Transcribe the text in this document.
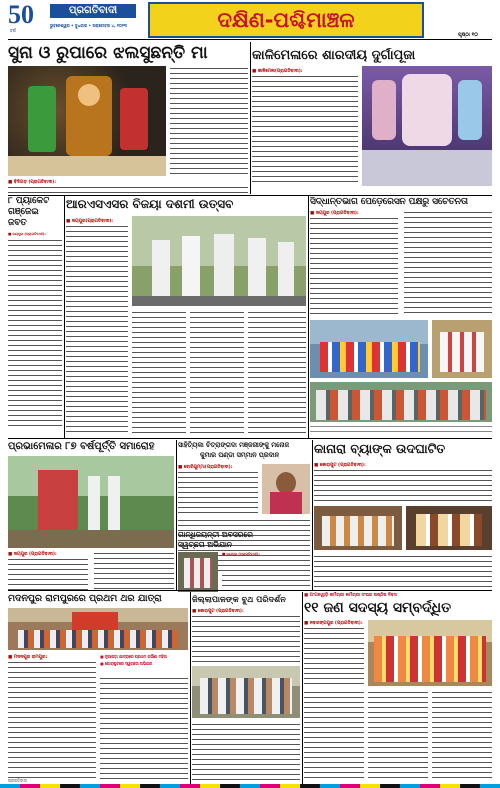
50
ବର୍ଷ
ପ୍ରଗତିବାଦୀ
ଭୁବନେଶ୍ୱର • ବୁଧବାର • ଅକ୍ଟୋବର ୪, ୨୦୨୩	ଦକ୍ଷିଣ-ପଶ୍ଚିମାଞ୍ଚଳ
ପୃଷ୍ଠା ୧୦
ସୁନା ଓ ରୁପାରେ ଝଲସୁଛନ୍ତି ମା
■ ବିଦିଗଡ଼ (ପ୍ରାଗତିବାଦୀ):
କାଳିମେଳାରେ ଶାରଦୀୟ ଦୁର୍ଗାପୂଜା
■ କାଳିମେଳା(ପ୍ରାଗତିବାଦୀ):
୮ ପ୍ୟାକେଟ
ଗଞ୍ଜେଇ
ଜବତ
■ ଜୟପୁର (ପ୍ରାଗତିବାଦୀ):
ଆରଏସଏସର ବିଜୟା ଦଶମୀ ଉତ୍ସବ
■ ଜୟପୁର(ପ୍ରାଗତିବାଦୀ):
ସିଦ୍ଧାନ୍ତଭାଗ ପେଡ଼େରେସନ ପକ୍ଷରୁ ସଚେତନତା
■ ଜୟପୁର (ପ୍ରାଗତିବାଦୀ):
ପ୍ରଭାମେଳାର ୮୭ ବର୍ଷପୂର୍ତ୍ତି ସମାରୋହ
■ ଜୟପୁର (ପ୍ରାଗତିବାଦୀ):
ସାହିତ୍ୟିକା ଚିତ୍ରାଙ୍ଗଦା ମଞ୍ଜରୀଙ୍କୁ ମନୋଜ
କୁମାର ପଣ୍ଡା ସମ୍ମାନ ପ୍ରଦାନ
■ ବୋରିଗୁମ୍ମା(ପ୍ରାଗତିବାଦୀ):
ଗାନ୍ଧିଜୟନ୍ତୀ ଅବସରରେ
ସ୍ୱଚ୍ଛତା ଅଭିଯାନ
■ ଜୟପୁର (ପ୍ରାଗତିବାଦୀ):
କାନାରା ବ୍ୟାଙ୍କ ଉଦଘାଟିତ
■ କୋରାପୁଟ (ପ୍ରାଗତିବାଦୀ):
ମଦନପୁର ରାମପୁରରେ ପ୍ରଥମ ଥର ଯାତ୍ରା
■ ମଦନପୁର ରାମପୁର:	■ ନୂଆପଡ଼ା ଯାତ୍ରାରେ ପ୍ରଥମ ଗର୍ଭିଣୀ ମହିଳା
■ କୋରାପୁଟରେ ସ୍ୱଚ୍ଛତା ଅଭିଯାନ
ଜିଲ୍ଲାପାଳଙ୍କ ବୁଥ ପରିଦର୍ଶନ
■ କୋରାପୁଟ (ପ୍ରାଗତିବାଦୀ):
■ ଅଂଗନୱାଡ଼ି କର୍ମଚାରୀ କର୍ମଚାରୀ ସଂଘର ଷଷ୍ଠିଷ ଦିବସ
୧୧ ଜଣ ସଦସ୍ୟ ସମ୍ବର୍ଦ୍ଧିତ
■ ନବରଙ୍ଗପୁର (ପ୍ରାଗତିବାଦୀ):
ପ୍ରଗତିବାଦୀ
